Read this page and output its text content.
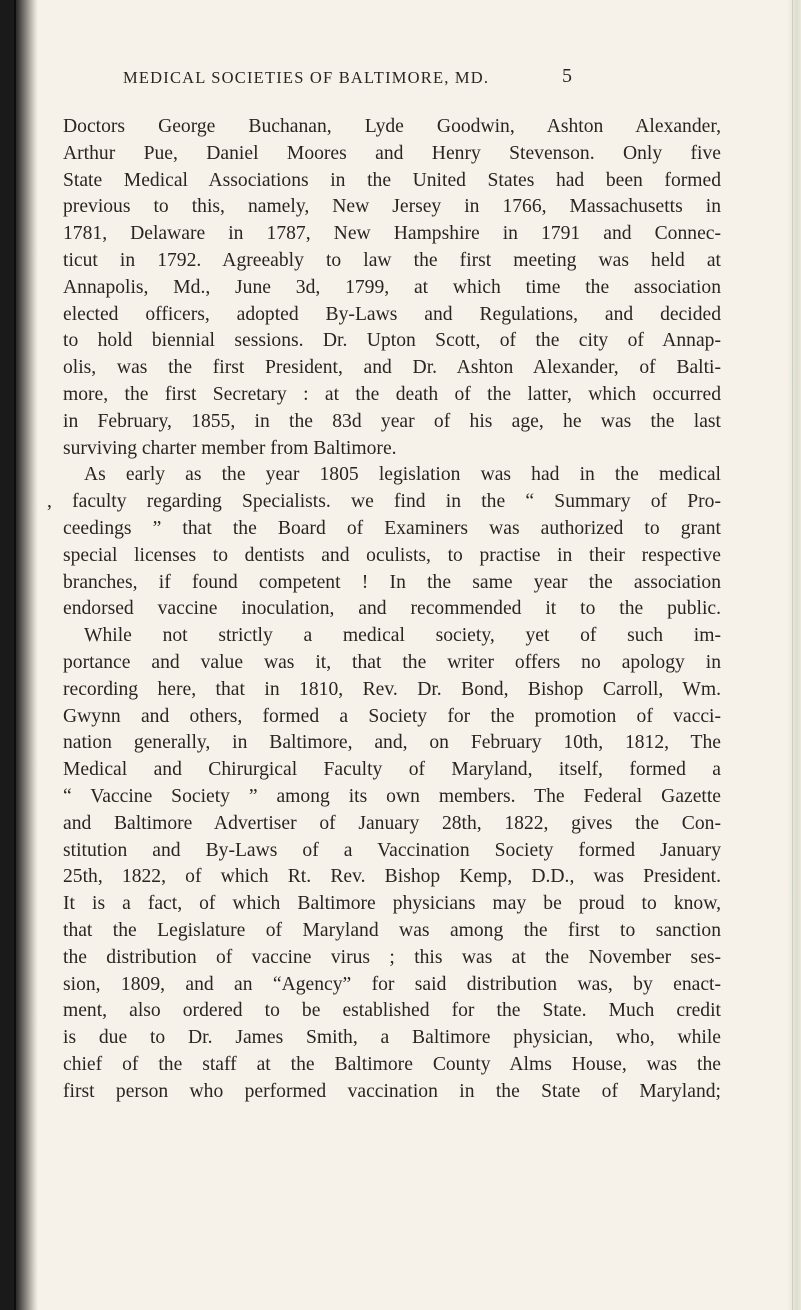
MEDICAL SOCIETIES OF BALTIMORE, MD.	5
Doctors George Buchanan, Lyde Goodwin, Ashton Alexander,
Arthur Pue, Daniel Moores and Henry Stevenson. Only five
State Medical Associations in the United States had been formed
previous to this, namely, New Jersey in 1766, Massachusetts in
1781, Delaware in 1787, New Hampshire in 1791 and Connec-
ticut in 1792. Agreeably to law the first meeting was held at
Annapolis, Md., June 3d, 1799, at which time the association
elected officers, adopted By-Laws and Regulations, and decided
to hold biennial sessions. Dr. Upton Scott, of the city of Annap-
olis, was the first President, and Dr. Ashton Alexander, of Balti-
more, the first Secretary : at the death of the latter, which occurred
in February, 1855, in the 83d year of his age, he was the last
surviving charter member from Baltimore.
As early as the year 1805 legislation was had in the medical
, faculty regarding Specialists. we find in the “ Summary of Pro-
ceedings ” that the Board of Examiners was authorized to grant
special licenses to dentists and oculists, to practise in their respective
branches, if found competent ! In the same year the association
endorsed vaccine inoculation, and recommended it to the public.
While not strictly a medical society, yet of such im-
portance and value was it, that the writer offers no apology in
recording here, that in 1810, Rev. Dr. Bond, Bishop Carroll, Wm.
Gwynn and others, formed a Society for the promotion of vacci-
nation generally, in Baltimore, and, on February 10th, 1812, The
Medical and Chirurgical Faculty of Maryland, itself, formed a
“ Vaccine Society ” among its own members. The Federal Gazette
and Baltimore Advertiser of January 28th, 1822, gives the Con-
stitution and By-Laws of a Vaccination Society formed January
25th, 1822, of which Rt. Rev. Bishop Kemp, D.D., was President.
It is a fact, of which Baltimore physicians may be proud to know,
that the Legislature of Maryland was among the first to sanction
the distribution of vaccine virus ; this was at the November ses-
sion, 1809, and an “Agency” for said distribution was, by enact-
ment, also ordered to be established for the State. Much credit
is due to Dr. James Smith, a Baltimore physician, who, while
chief of the staff at the Baltimore County Alms House, was the
first person who performed vaccination in the State of Maryland;
